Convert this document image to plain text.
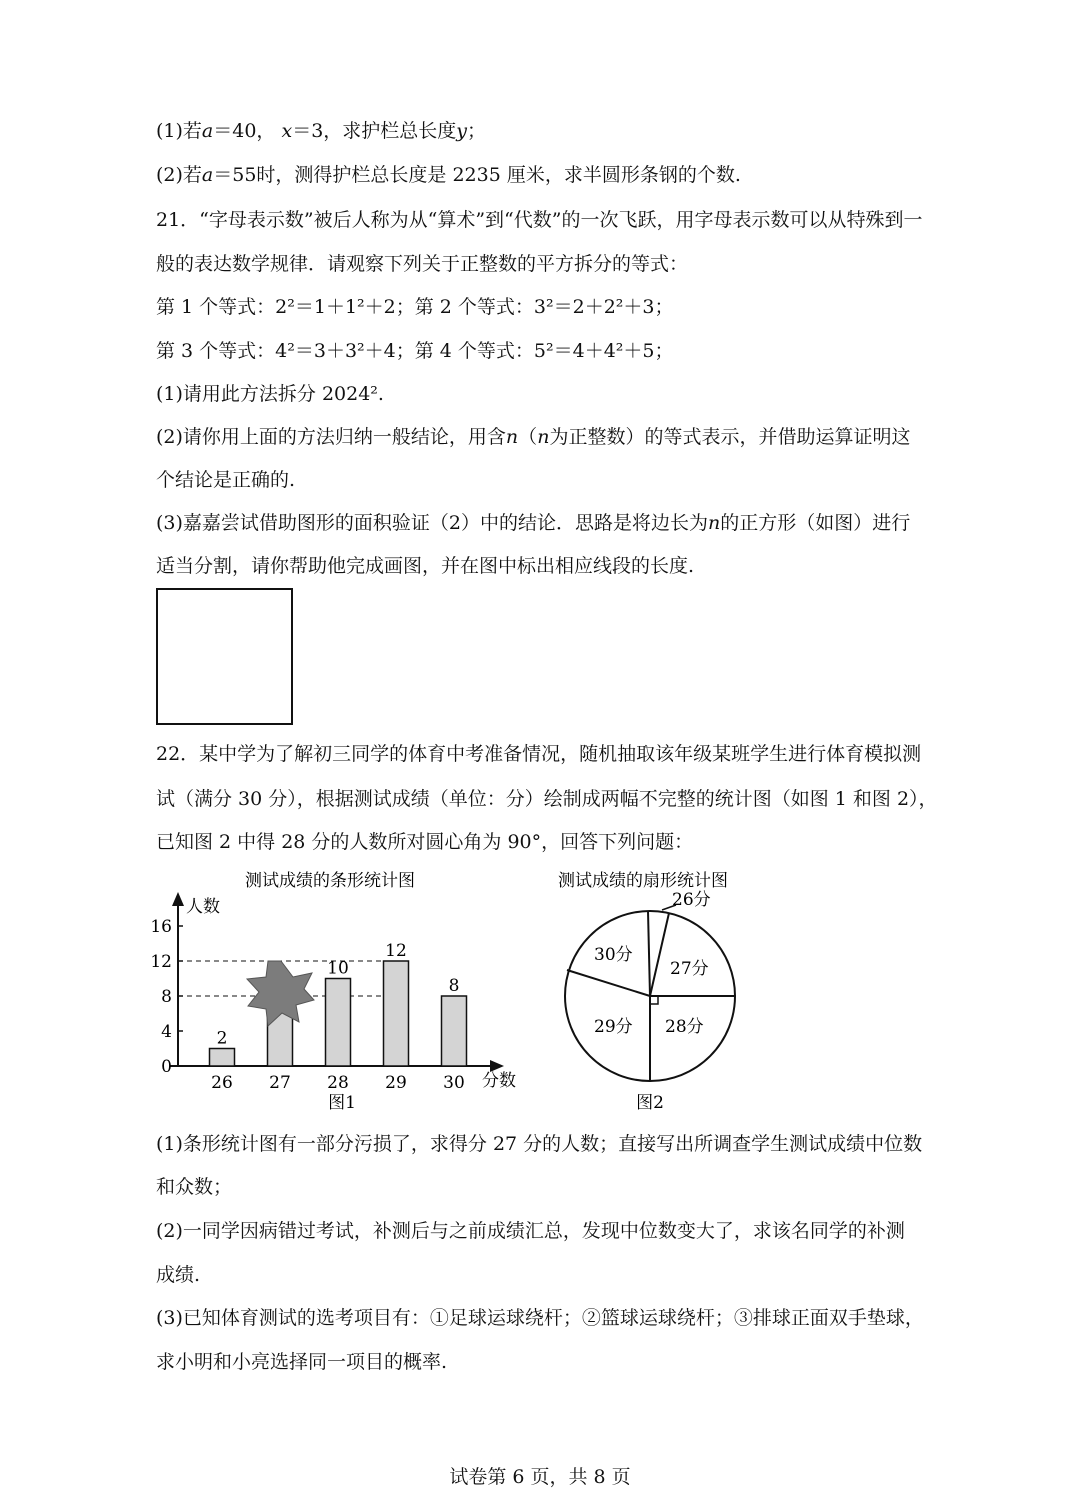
(1)若a＝40， x＝3，求护栏总长度y；
(2)若a＝55时，测得护栏总长度是 2235 厘米，求半圆形条钢的个数.
21．“字母表示数”被后人称为从“算术”到“代数”的一次飞跃，用字母表示数可以从特殊到一
般的表达数学规律．请观察下列关于正整数的平方拆分的等式：
第 1 个等式：2²＝1＋1²＋2；第 2 个等式：3²＝2＋2²＋3；
第 3 个等式：4²＝3＋3²＋4；第 4 个等式：5²＝4＋4²＋5；
(1)请用此方法拆分 2024².
(2)请你用上面的方法归纳一般结论，用含n（n为正整数）的等式表示，并借助运算证明这
个结论是正确的.
(3)嘉嘉尝试借助图形的面积验证（2）中的结论．思路是将边长为n的正方形（如图）进行
适当分割，请你帮助他完成画图，并在图中标出相应线段的长度.
22．某中学为了解初三同学的体育中考准备情况，随机抽取该年级某班学生进行体育模拟测
试（满分 30 分），根据测试成绩（单位：分）绘制成两幅不完整的统计图（如图 1 和图 2），
已知图 2 中得 28 分的人数所对圆心角为 90°，回答下列问题：
测试成绩的条形统计图
人数
分数
0
4
8
12
16
26
2
27 28
10
29
12
30
8
图1
测试成绩的扇形统计图
26分
27分
28分
29分
30分
图2
(1)条形统计图有一部分污损了，求得分 27 分的人数；直接写出所调查学生测试成绩中位数
和众数；
(2)一同学因病错过考试，补测后与之前成绩汇总，发现中位数变大了，求该名同学的补测
成绩.
(3)已知体育测试的选考项目有：①足球运球绕杆；②篮球运球绕杆；③排球正面双手垫球，
求小明和小亮选择同一项目的概率.
试卷第 6 页，共 8 页
